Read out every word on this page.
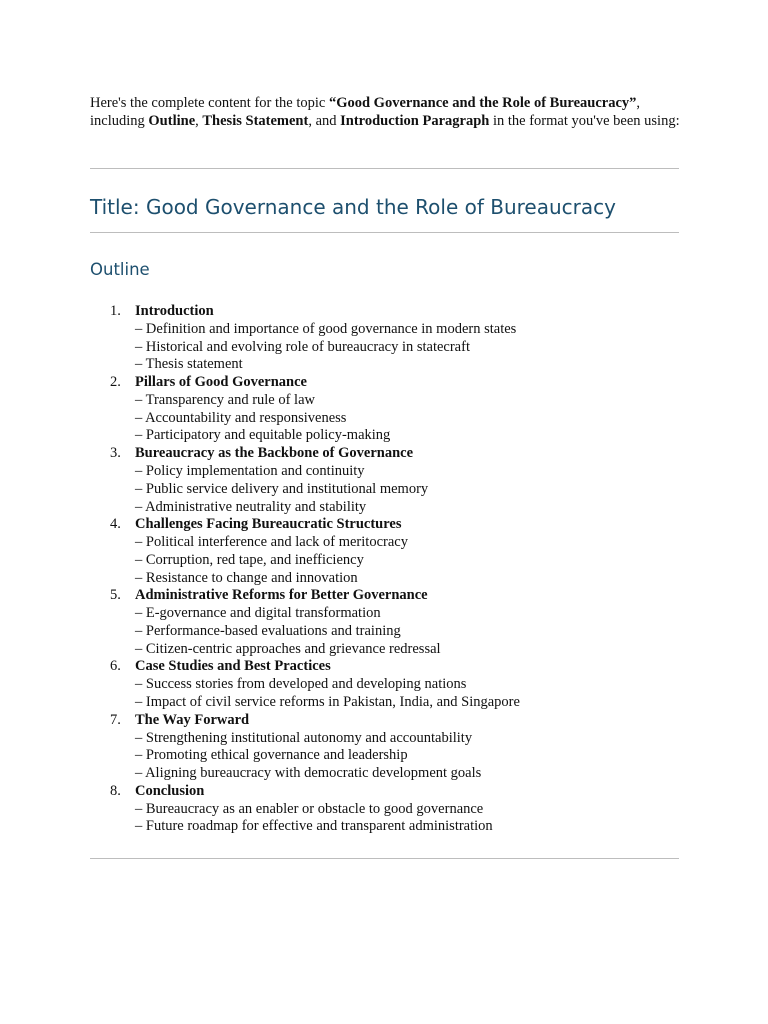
Here's the complete content for the topic “Good Governance and the Role of Bureaucracy”, including Outline, Thesis Statement, and Introduction Paragraph in the format you've been using:

Title: Good Governance and the Role of Bureaucracy
Outline
1. Introduction
– Definition and importance of good governance in modern states
– Historical and evolving role of bureaucracy in statecraft
– Thesis statement
2. Pillars of Good Governance
– Transparency and rule of law
– Accountability and responsiveness
– Participatory and equitable policy-making
3. Bureaucracy as the Backbone of Governance
– Policy implementation and continuity
– Public service delivery and institutional memory
– Administrative neutrality and stability
4. Challenges Facing Bureaucratic Structures
– Political interference and lack of meritocracy
– Corruption, red tape, and inefficiency
– Resistance to change and innovation
5. Administrative Reforms for Better Governance
– E-governance and digital transformation
– Performance-based evaluations and training
– Citizen-centric approaches and grievance redressal
6. Case Studies and Best Practices
– Success stories from developed and developing nations
– Impact of civil service reforms in Pakistan, India, and Singapore
7. The Way Forward
– Strengthening institutional autonomy and accountability
– Promoting ethical governance and leadership
– Aligning bureaucracy with democratic development goals
8. Conclusion
– Bureaucracy as an enabler or obstacle to good governance
– Future roadmap for effective and transparent administration
